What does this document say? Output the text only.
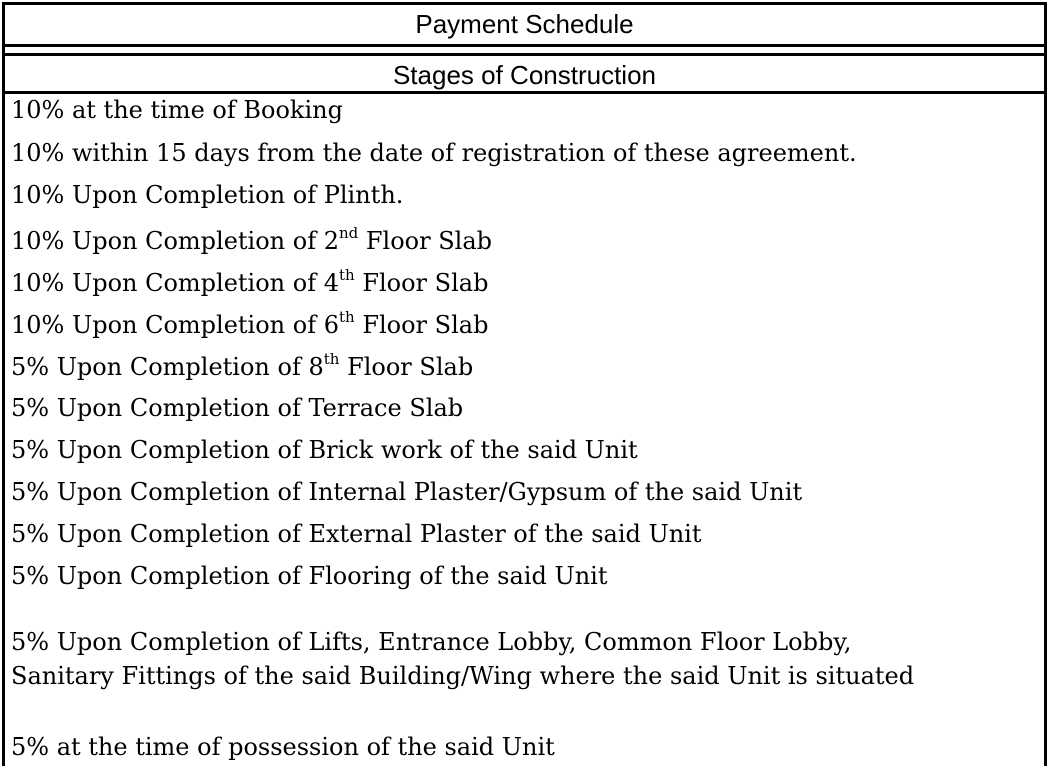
Payment Schedule
Stages of Construction
10% at the time of Booking
10% within 15 days from the date of registration of these agreement.
10% Upon Completion of Plinth.
10% Upon Completion of 2nd Floor Slab
10% Upon Completion of 4th Floor Slab
10% Upon Completion of 6th Floor Slab
5% Upon Completion of 8th Floor Slab
5% Upon Completion of Terrace Slab
5% Upon Completion of Brick work of the said Unit
5% Upon Completion of Internal Plaster/Gypsum of the said Unit
5% Upon Completion of External Plaster of the said Unit
5% Upon Completion of Flooring of the said Unit
5% Upon Completion of Lifts, Entrance Lobby, Common Floor Lobby,
Sanitary Fittings of the said Building/Wing where the said Unit is situated
5% at the time of possession of the said Unit
